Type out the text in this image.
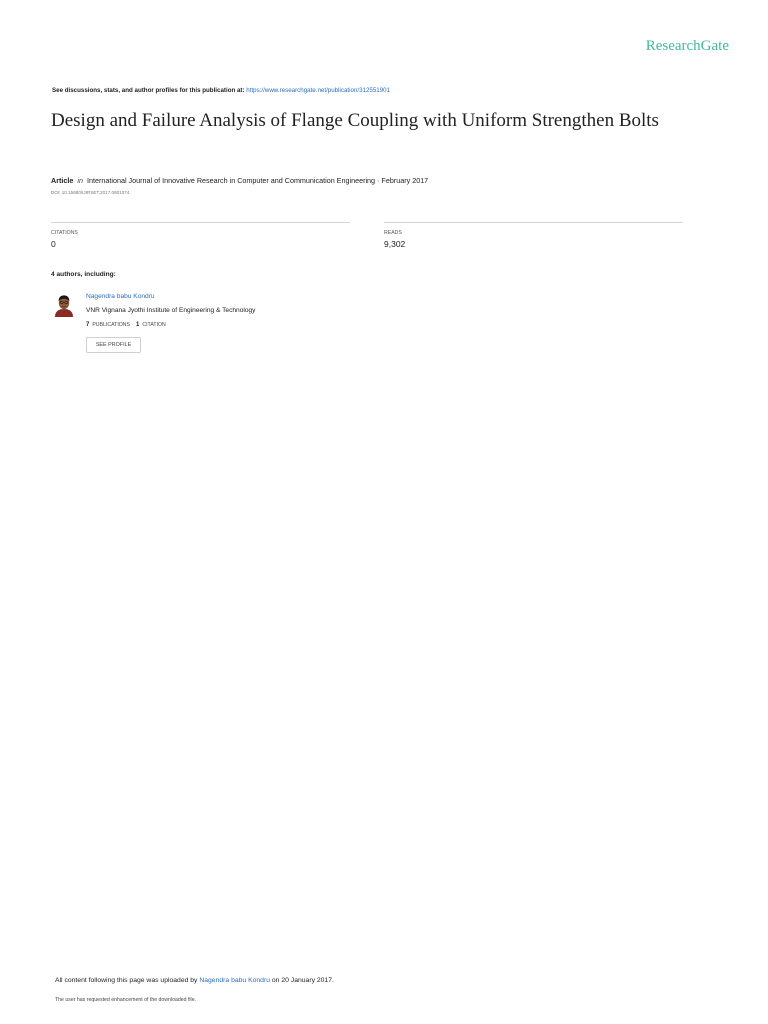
ResearchGate
See discussions, stats, and author profiles for this publication at: https://www.researchgate.net/publication/312551901
Design and Failure Analysis of Flange Coupling with Uniform Strengthen Bolts
Article in International Journal of Innovative Research in Computer and Communication Engineering · February 2017
DOI: 10.15680/IJIRSET.2017.0601074
CITATIONS
0
READS
9,302
4 authors, including:
Nagendra babu Kondru
VNR Vignana Jyothi Institute of Engineering & Technology
7 PUBLICATIONS 1 CITATION
SEE PROFILE
All content following this page was uploaded by Nagendra babu Kondru on 20 January 2017.
The user has requested enhancement of the downloaded file.
